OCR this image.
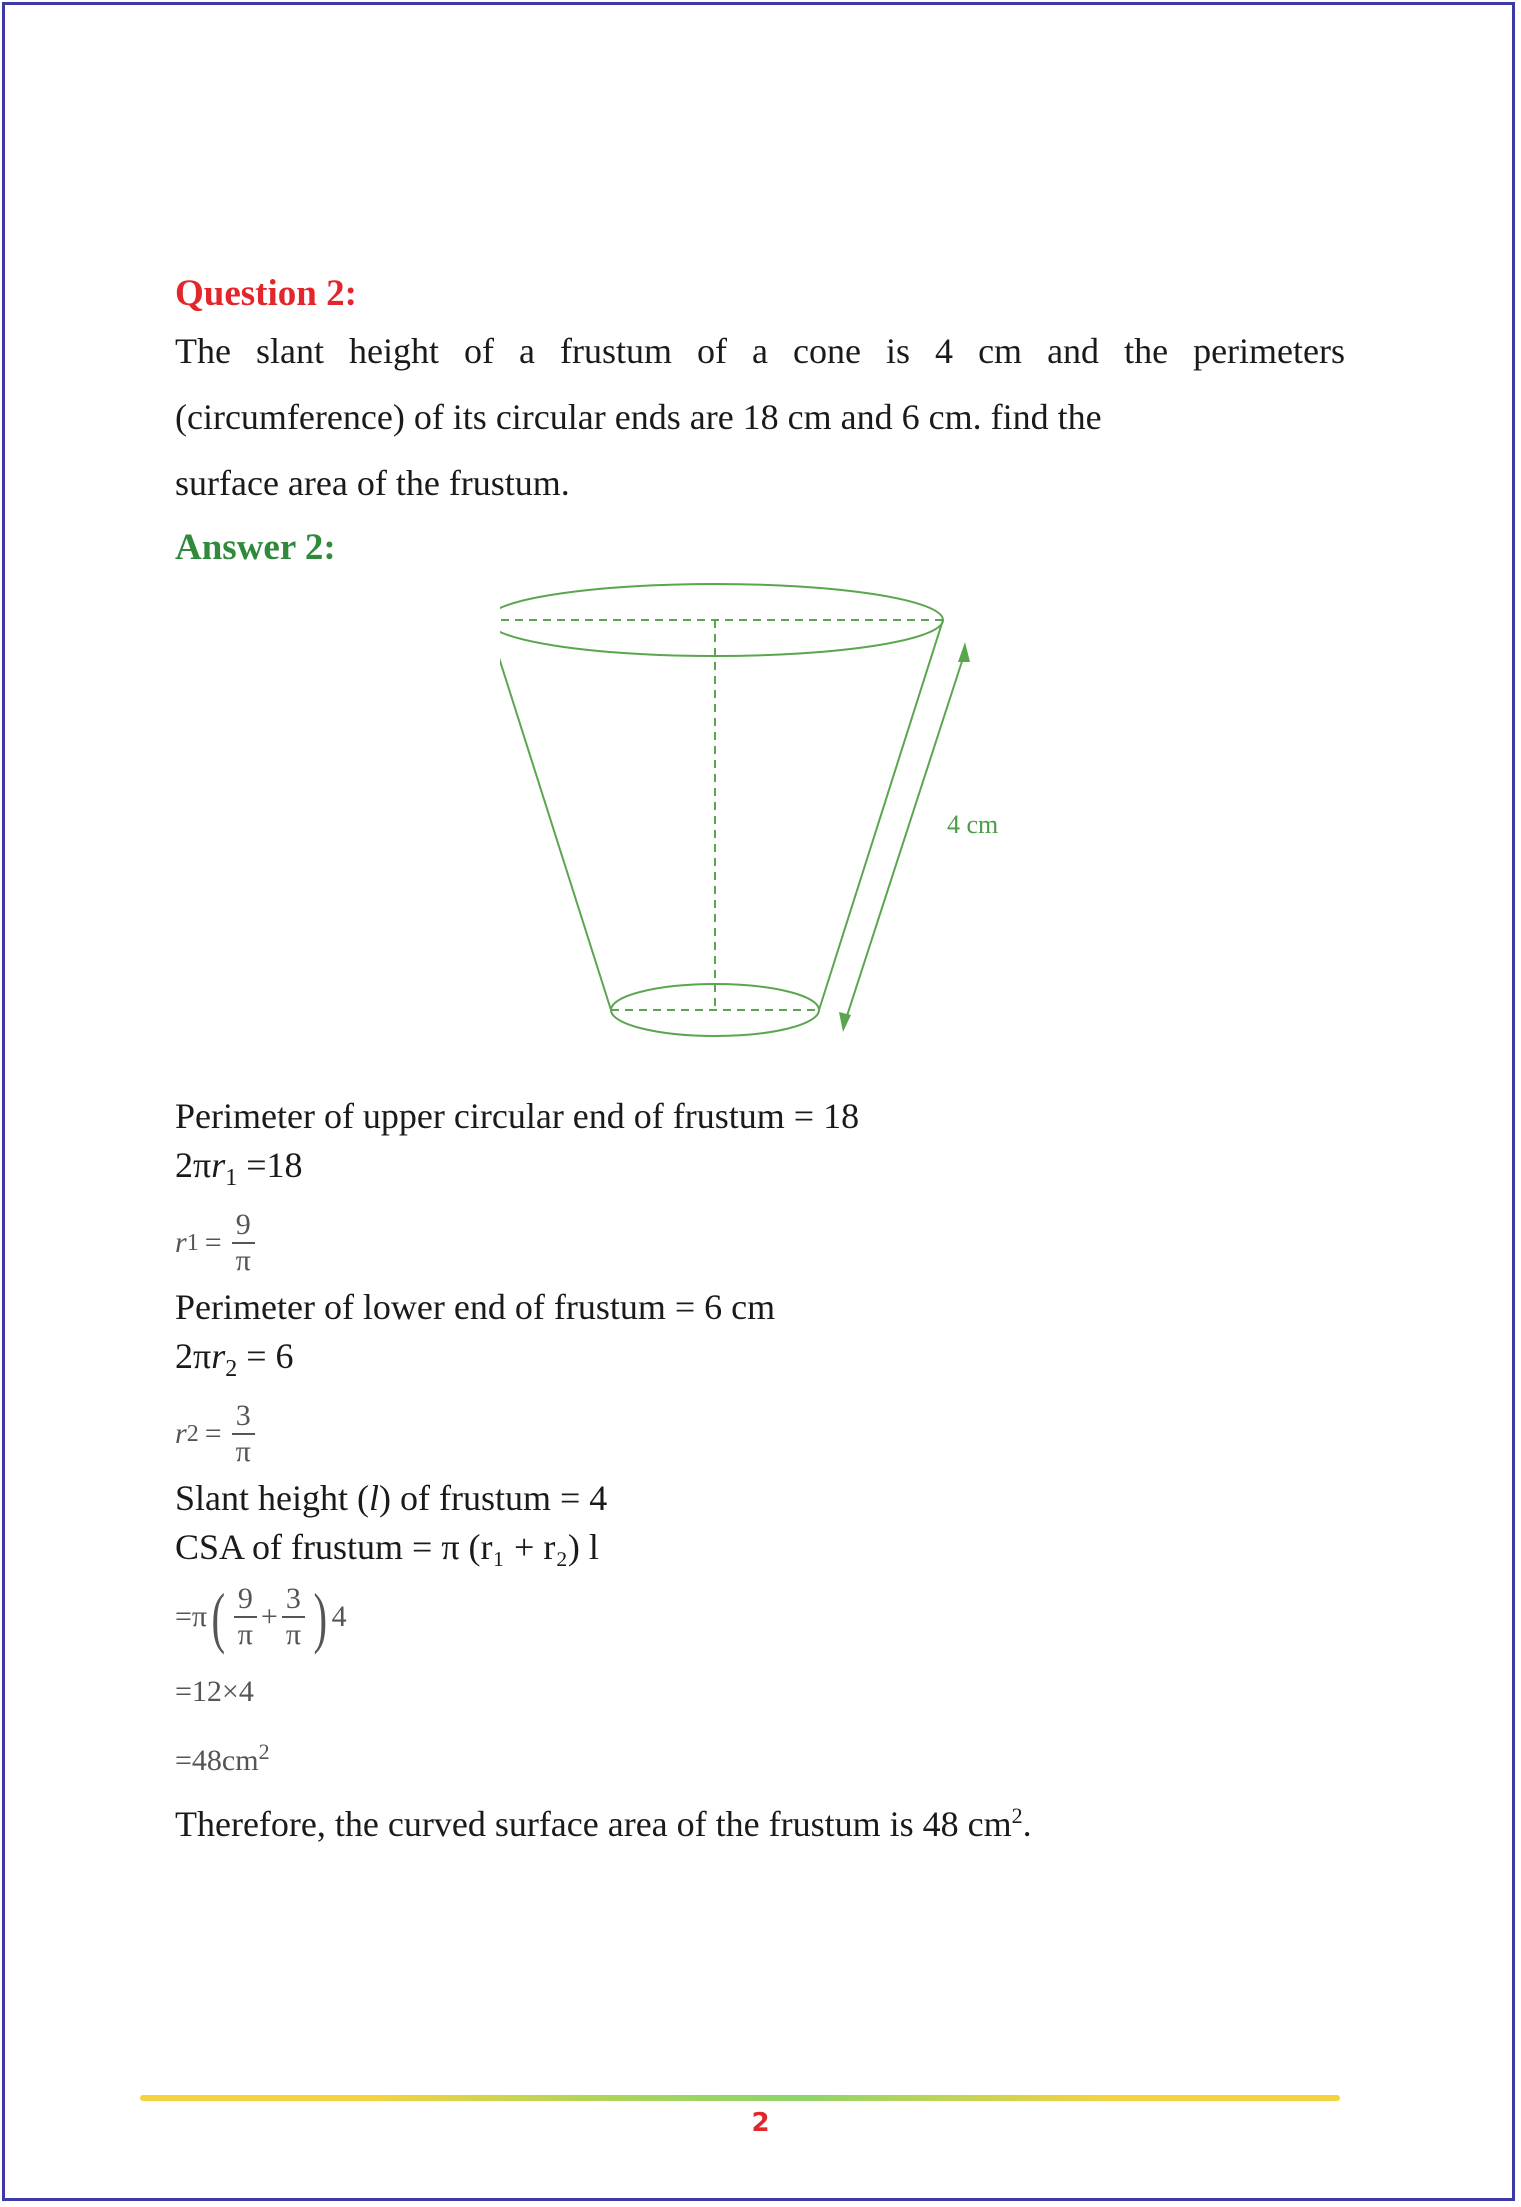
Question 2:

The slant height of a frustum of a cone is 4 cm and the perimeters
(circumference) of its circular ends are 18 cm and 6 cm. find the
surface area of the frustum.

Answer 2:
4 cm
Perimeter of upper circular end of frustum = 18
$2\pi r_1 =18$
r $1 = \frac{9}{\pi}$
Perimeter of lower end of frustum = 6 cm
$2\pi r_2 = 6$
r $2 = \frac{3}{\pi}$
Slant height (l) of frustum = 4
CSA of frustum = π (r₁ + r₂) l
=π ( $\frac{9}{\pi} + \frac{3}{\pi}$ ) 4
=12×4
$=48cm^2$
Therefore, the curved surface area of the frustum is 48 $cm^2$.
2
